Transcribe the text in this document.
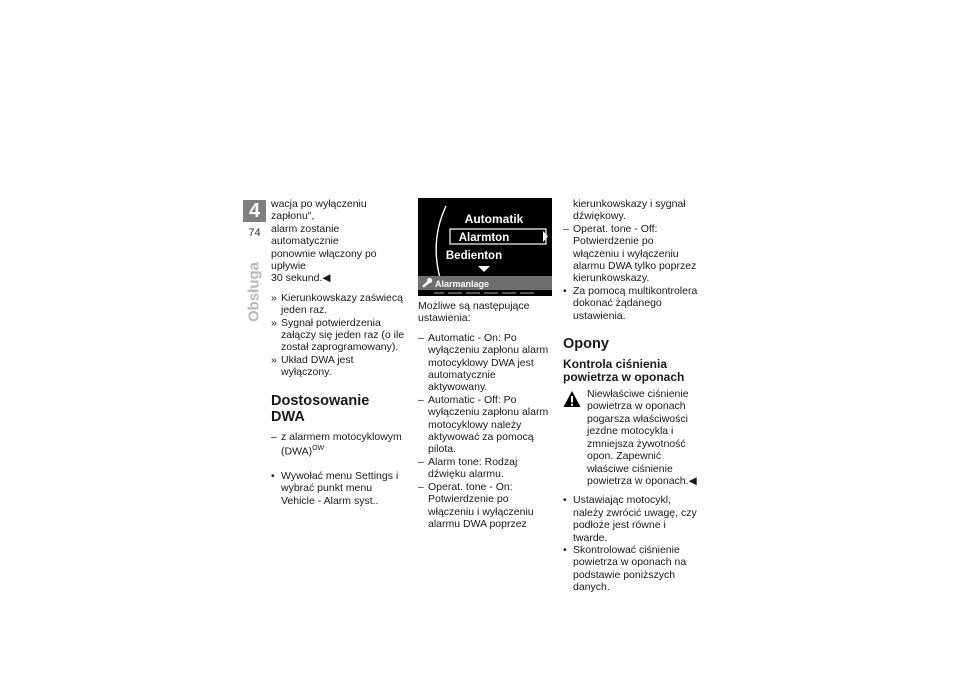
4
74
Obsługa

wacja po wyłączeniu zapłonu",

alarm zostanie automatycznie

ponownie włączony po upływie

30 sekund.◀

» Kierunkowskazy zaświecą jeden raz.

» Sygnał potwierdzenia załączy się jeden raz (o ile został zaprogramowany).

» Układ DWA jest wyłączony.

Dostosowanie DWA

– z alarmem motocyklowym (DWA)$^{OW}$

• Wywołać menu Settings i wybrać punkt menu Vehicle - Alarm syst..

Automatik
Alarmton
Bedienton
Alarmanlage

Możliwe są następujące ustawienia:

– Automatic - On: Po wyłączeniu zapłonu alarm motocyklowy DWA jest automatycznie aktywowany.

– Automatic - Off: Po wyłączeniu zapłonu alarm motocyklowy należy aktywować za pomocą pilota.

– Alarm tone: Rodzaj dźwięku alarmu.

– Operat. tone - On: Potwierdzenie po włączeniu i wyłączeniu alarmu DWA poprzez

kierunkowskazy i sygnał dźwiękowy.

– Operat. tone - Off: Potwierdzenie po włączeniu i wyłączeniu alarmu DWA tylko poprzez kierunkowskazy.

• Za pomocą multikontrolera dokonać żądanego ustawienia.

Opony
Kontrola ciśnienia powietrza w oponach

Niewłaściwe ciśnienie powietrza w oponach pogarsza właściwości jezdne motocykla i zmniejsza żywotność opon. Zapewnić właściwe ciśnienie powietrza w oponach.◀

• Ustawiając motocykl, należy zwrócić uwagę, czy podłoże jest równe i twarde.

• Skontrolować ciśnienie powietrza w oponach na podstawie poniższych danych.
